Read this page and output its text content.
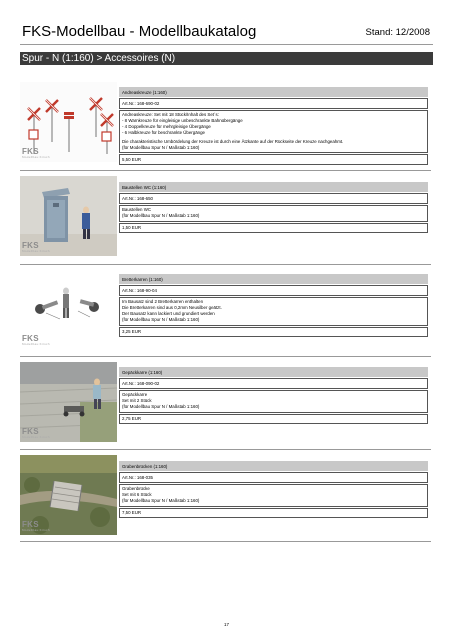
FKS-Modellbau - Modellbaukatalog	Stand: 12/2008
Spur - N (1:160) > Accessoires (N)
FKS
Modellbau Kirsch
Andreaskreuze (1:160)
Art.Nr.: 168-690-02

Andreaskreuze: Set mit 18 Stück/Inhalt des Set´s:

- 8 Warnkreuze für eingleisige unbeschrankte Bahnübergänge

- 4 Doppelkreuze für mehrgleisige Übergänge

- 6 Halbkreuze für beschrankte Übergänge

Die charakteristische Umbördelung der Kreuze ist durch eine Ätzkante auf der Rückseite der Kreuze nachgeahmt.

(für Modellbau Spur N / Maßstab 1:160)

5,50 EUR
FKS
Modellbau Kirsch
Baustellen WC (1:160)
Art.Nr.: 168-650

Baustellen WC

(für Modellbau Spur N / Maßstab 1:160)

1,50 EUR
FKS
Modellbau Kirsch
Bretterkarren (1:160)
Art.Nr.: 168-90-04

Im Bausatz sind 2 Bretterkarren enthalten

Die Bretterkarren sind aus 0,2mm Neusilber geätzt.

Der Bausatz kann lackiert und grundiert werden

(für Modellbau Spur N / Maßstab 1:160)

3,25 EUR
FKS
Modellbau Kirsch
Gepäckkarre (1:160)
Art.Nr.: 168-090-02

Gepäckkarre

Set mit 2 Stück

(für Modellbau Spur N / Maßstab 1:160)

2,75 EUR
FKS
Modellbau Kirsch
Grabenbrücken (1:160)
Art.Nr.: 168-035

Grabenbrücke

Set mit 6 Stück

(für Modellbau Spur N / Maßstab 1:160)

7,50 EUR
17
